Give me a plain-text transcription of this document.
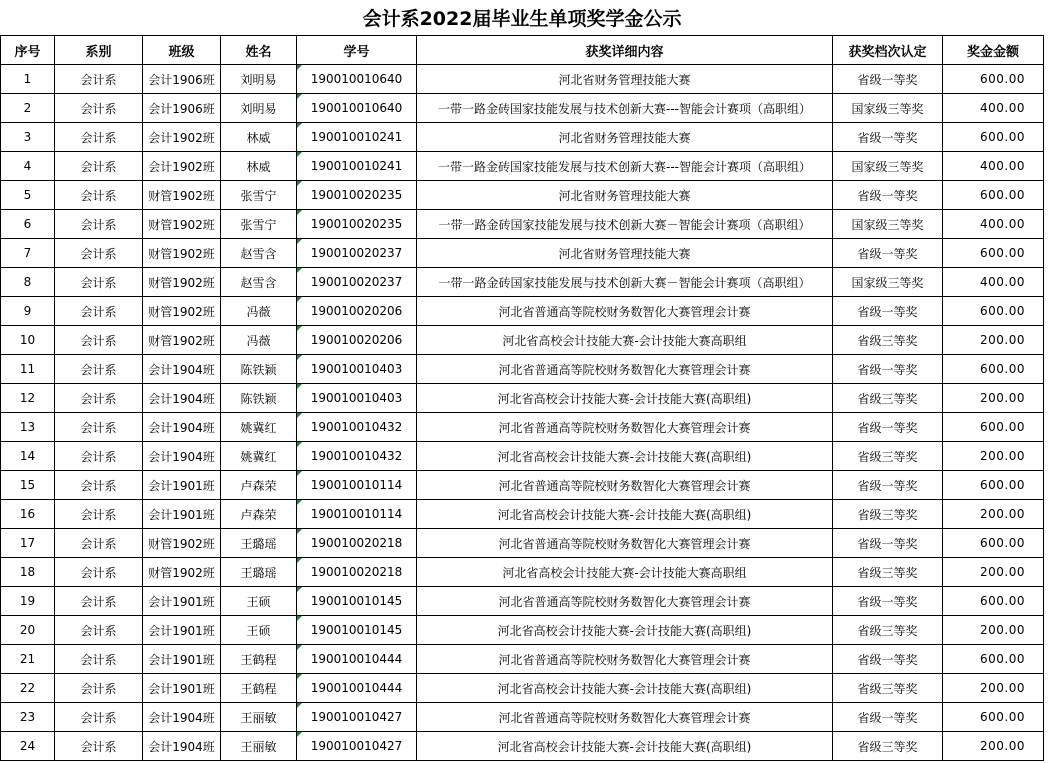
会计系2022届毕业生单项奖学金公示							
序号	系别	班级	姓名	学号	获奖详细内容	获奖档次认定	奖金金额
1	会计系	会计1906班	刘明易	190010010640	河北省财务管理技能大赛	省级一等奖	600.00
2	会计系	会计1906班	刘明易	190010010640	一带一路金砖国家技能发展与技术创新大赛---智能会计赛项（高职组）	国家级三等奖	400.00
3	会计系	会计1902班	林威	190010010241	河北省财务管理技能大赛	省级一等奖	600.00
4	会计系	会计1902班	林威	190010010241	一带一路金砖国家技能发展与技术创新大赛---智能会计赛项（高职组）	国家级三等奖	400.00
5	会计系	财管1902班	张雪宁	190010020235	河北省财务管理技能大赛	省级一等奖	600.00
6	会计系	财管1902班	张雪宁	190010020235	一带一路金砖国家技能发展与技术创新大赛－智能会计赛项（高职组）	国家级三等奖	400.00
7	会计系	财管1902班	赵雪含	190010020237	河北省财务管理技能大赛	省级一等奖	600.00
8	会计系	财管1902班	赵雪含	190010020237	一带一路金砖国家技能发展与技术创新大赛－智能会计赛项（高职组）	国家级三等奖	400.00
9	会计系	财管1902班	冯薇	190010020206	河北省普通高等院校财务数智化大赛管理会计赛	省级一等奖	600.00
10	会计系	财管1902班	冯薇	190010020206	河北省高校会计技能大赛-会计技能大赛高职组	省级三等奖	200.00
11	会计系	会计1904班	陈铁颖	190010010403	河北省普通高等院校财务数智化大赛管理会计赛	省级一等奖	600.00
12	会计系	会计1904班	陈铁颖	190010010403	河北省高校会计技能大赛-会计技能大赛(高职组)	省级三等奖	200.00
13	会计系	会计1904班	姚冀红	190010010432	河北省普通高等院校财务数智化大赛管理会计赛	省级一等奖	600.00
14	会计系	会计1904班	姚冀红	190010010432	河北省高校会计技能大赛-会计技能大赛(高职组)	省级三等奖	200.00
15	会计系	会计1901班	卢森荣	190010010114	河北省普通高等院校财务数智化大赛管理会计赛	省级一等奖	600.00
16	会计系	会计1901班	卢森荣	190010010114	河北省高校会计技能大赛-会计技能大赛(高职组)	省级三等奖	200.00
17	会计系	财管1902班	王璐瑶	190010020218	河北省普通高等院校财务数智化大赛管理会计赛	省级一等奖	600.00
18	会计系	财管1902班	王璐瑶	190010020218	河北省高校会计技能大赛-会计技能大赛高职组	省级三等奖	200.00
19	会计系	会计1901班	王硕	190010010145	河北省普通高等院校财务数智化大赛管理会计赛	省级一等奖	600.00
20	会计系	会计1901班	王硕	190010010145	河北省高校会计技能大赛-会计技能大赛(高职组)	省级三等奖	200.00
21	会计系	会计1901班	王鹤程	190010010444	河北省普通高等院校财务数智化大赛管理会计赛	省级一等奖	600.00
22	会计系	会计1901班	王鹤程	190010010444	河北省高校会计技能大赛-会计技能大赛(高职组)	省级三等奖	200.00
23	会计系	会计1904班	王丽敏	190010010427	河北省普通高等院校财务数智化大赛管理会计赛	省级一等奖	600.00
24	会计系	会计1904班	王丽敏	190010010427	河北省高校会计技能大赛-会计技能大赛(高职组)	省级三等奖	200.00
